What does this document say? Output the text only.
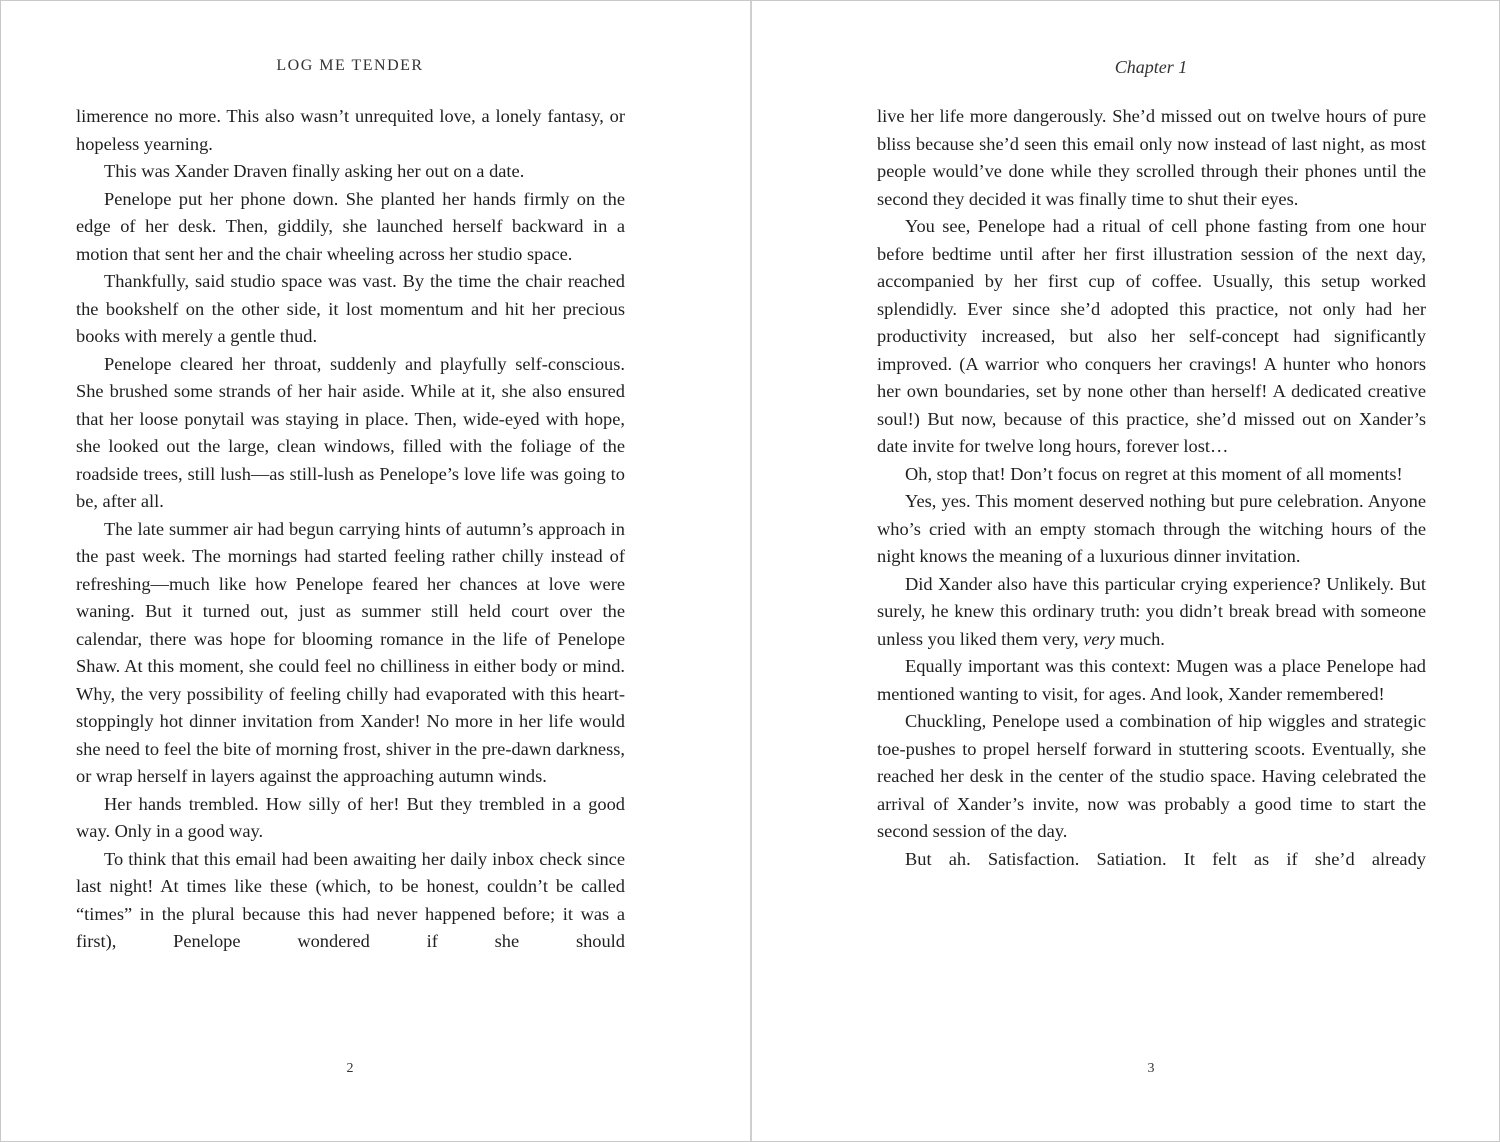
LOG ME TENDER

limerence no more. This also wasn’t unrequited love, a lonely fantasy, or hopeless yearning.

This was Xander Draven finally asking her out on a date.

Penelope put her phone down. She planted her hands firmly on the edge of her desk. Then, giddily, she launched herself backward in a motion that sent her and the chair wheeling across her studio space.

Thankfully, said studio space was vast. By the time the chair reached the bookshelf on the other side, it lost momentum and hit her precious books with merely a gentle thud.

Penelope cleared her throat, suddenly and playfully self-conscious. She brushed some strands of her hair aside. While at it, she also ensured that her loose ponytail was staying in place. Then, wide-eyed with hope, she looked out the large, clean windows, filled with the foliage of the roadside trees, still lush—as still-lush as Penelope’s love life was going to be, after all.

The late summer air had begun carrying hints of autumn’s approach in the past week. The mornings had started feeling rather chilly instead of refreshing—much like how Penelope feared her chances at love were waning. But it turned out, just as summer still held court over the calendar, there was hope for blooming romance in the life of Penelope Shaw. At this moment, she could feel no chilliness in either body or mind. Why, the very possibility of feeling chilly had evaporated with this heart-stoppingly hot dinner invitation from Xander! No more in her life would she need to feel the bite of morning frost, shiver in the pre-dawn darkness, or wrap herself in layers against the approaching autumn winds.

Her hands trembled. How silly of her! But they trembled in a good way. Only in a good way.

To think that this email had been awaiting her daily inbox check since last night! At times like these (which, to be honest, couldn’t be called “times” in the plural because this had never happened before; it was a first), Penelope wondered if she should

2
Chapter 1

live her life more dangerously. She’d missed out on twelve hours of pure bliss because she’d seen this email only now instead of last night, as most people would’ve done while they scrolled through their phones until the second they decided it was finally time to shut their eyes.

You see, Penelope had a ritual of cell phone fasting from one hour before bedtime until after her first illustration session of the next day, accompanied by her first cup of coffee. Usually, this setup worked splendidly. Ever since she’d adopted this practice, not only had her productivity increased, but also her self-concept had significantly improved. (A warrior who conquers her cravings! A hunter who honors her own boundaries, set by none other than herself! A dedicated creative soul!) But now, because of this practice, she’d missed out on Xander’s date invite for twelve long hours, forever lost…

Oh, stop that! Don’t focus on regret at this moment of all moments!

Yes, yes. This moment deserved nothing but pure celebration. Anyone who’s cried with an empty stomach through the witching hours of the night knows the meaning of a luxurious dinner invitation.

Did Xander also have this particular crying experience? Unlikely. But surely, he knew this ordinary truth: you didn’t break bread with someone unless you liked them very, very much.

Equally important was this context: Mugen was a place Penelope had mentioned wanting to visit, for ages. And look, Xander remembered!

Chuckling, Penelope used a combination of hip wiggles and strategic toe-pushes to propel herself forward in stuttering scoots. Eventually, she reached her desk in the center of the studio space. Having celebrated the arrival of Xander’s invite, now was probably a good time to start the second session of the day.

But ah. Satisfaction. Satiation. It felt as if she’d already

3
